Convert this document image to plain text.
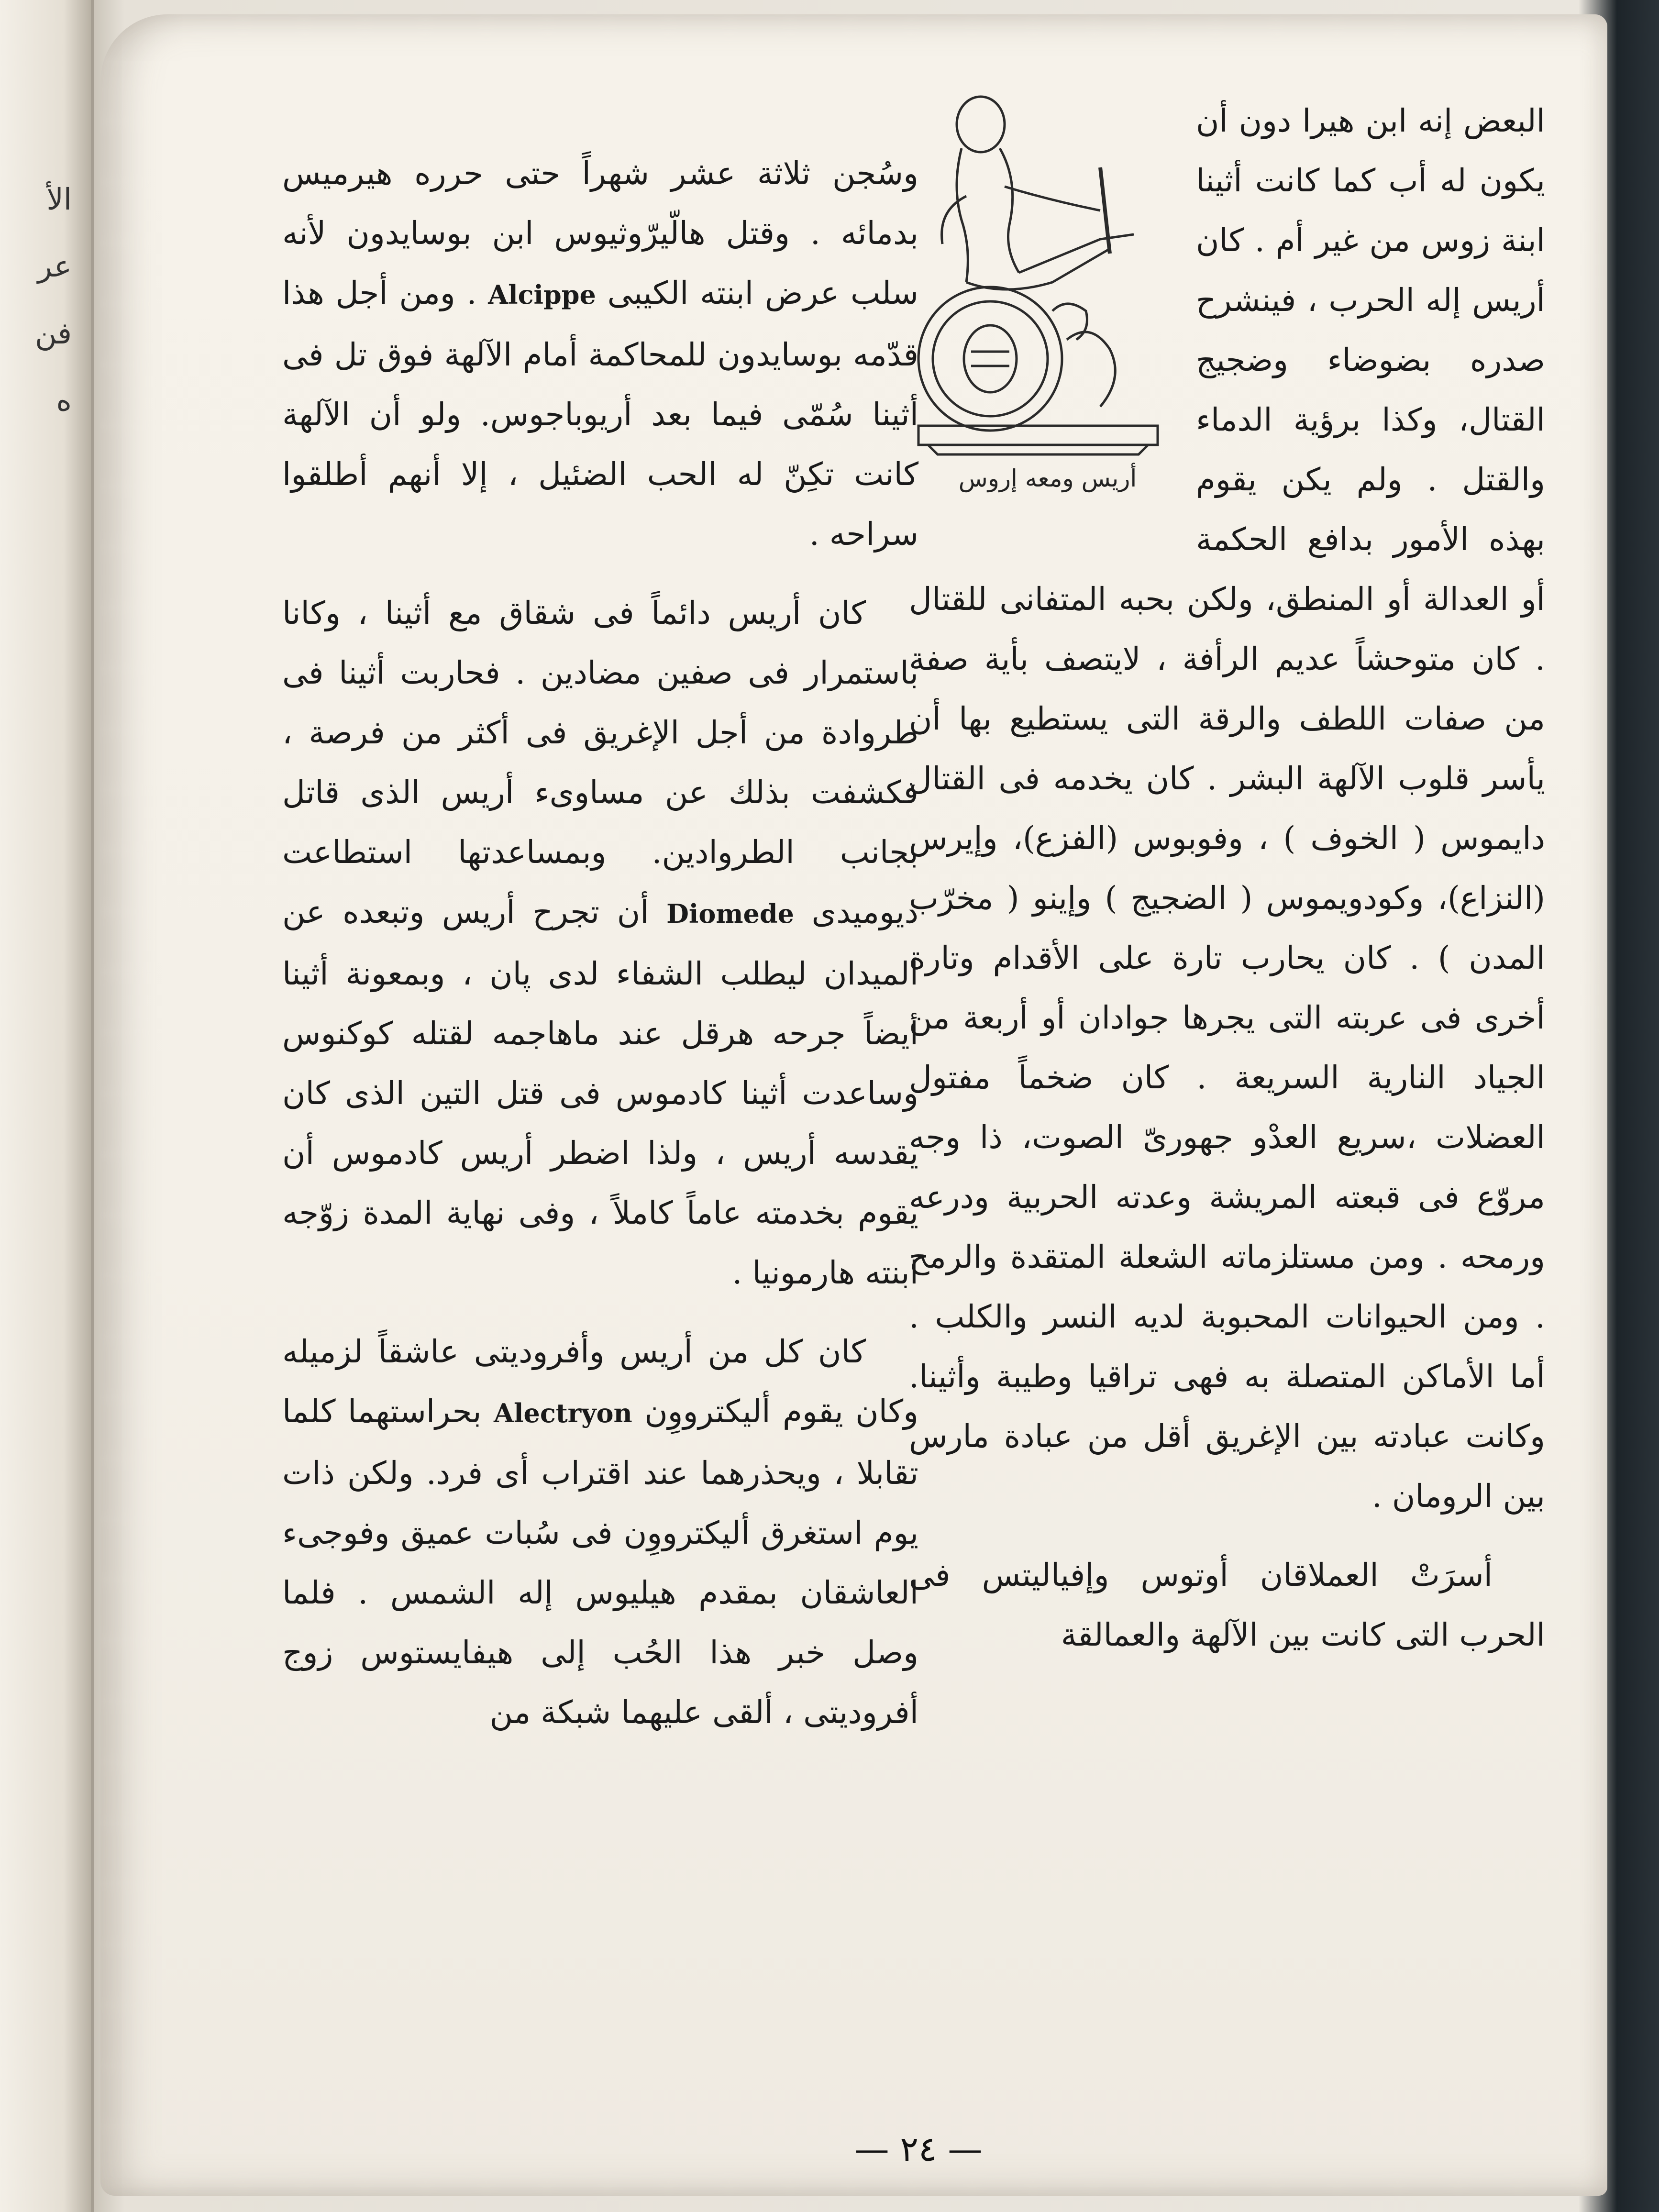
الأ
عر
فن
ه
أريس ومعه إروس

البعض إنه ابن هيرا دون أن يكون له أب كما كانت أثينا ابنة زوس من غير أم . كان أريس إله الحرب ، فينشرح صدره بضوضاء وضجيج القتال، وكذا برؤية الدماء والقتل . ولم يكن يقوم بهذه الأمور بدافع الحكمة أو العدالة أو المنطق، ولكن بحبه المتفانى للقتال . كان متوحشاً عديم الرأفة ، لايتصف بأية صفة من صفات اللطف والرقة التى يستطيع بها أن يأسر قلوب الآلهة البشر . كان يخدمه فى القتال دايموس ( الخوف ) ، وفوبوس (الفزع)، وإيرس (النزاع)، وكودويموس ( الضجيج ) وإينو ( مخرّب المدن ) . كان يحارب تارة على الأقدام وتارة أخرى فى عربته التى يجرها جوادان أو أربعة من الجياد النارية السريعة . كان ضخماً مفتول العضلات ،سريع العدْو جهورىّ الصوت، ذا وجه مروّع فى قبعته المريشة وعدته الحربية ودرعه ورمحه . ومن مستلزماته الشعلة المتقدة والرمح . ومن الحيوانات المحبوبة لديه النسر والكلب . أما الأماكن المتصلة به فهى تراقيا وطيبة وأثينا. وكانت عبادته بين الإغريق أقل من عبادة مارس بين الرومان .

أسرَتْ العملاقان أوتوس وإفياليتس فى الحرب التى كانت بين الآلهة والعمالقة

وسُجن ثلاثة عشر شهراً حتى حرره هيرميس بدمائه . وقتل هالّيرّوثيوس ابن بوسايدون لأنه سلب عرض ابنته الكيبى Alcippe . ومن أجل هذا قدّمه بوسايدون للمحاكمة أمام الآلهة فوق تل فى أثينا سُمّى فيما بعد أريوباجوس. ولو أن الآلهة كانت تكِنّ له الحب الضئيل ، إلا أنهم أطلقوا سراحه .

كان أريس دائماً فى شقاق مع أثينا ، وكانا باستمرار فى صفين مضادين . فحاربت أثينا فى طروادة من أجل الإغريق فى أكثر من فرصة ، فكشفت بذلك عن مساوىء أريس الذى قاتل بجانب الطروادين. وبمساعدتها استطاعت ديوميدى Diomede أن تجرح أريس وتبعده عن الميدان ليطلب الشفاء لدى پان ، وبمعونة أثينا أيضاً جرحه هرقل عند ماهاجمه لقتله كوكنوس وساعدت أثينا كادموس فى قتل التين الذى كان يقدسه أريس ، ولذا اضطر أريس كادموس أن يقوم بخدمته عاماً كاملاً ، وفى نهاية المدة زوّجه ابنته هارمونيا .

كان كل من أريس وأفروديتى عاشقاً لزميله وكان يقوم أليكترووِن Alectryon بحراستهما كلما تقابلا ، ويحذرهما عند اقتراب أى فرد. ولكن ذات يوم استغرق أليكترووِن فى سُبات عميق وفوجىء العاشقان بمقدم هيليوس إله الشمس . فلما وصل خبر هذا الحُب إلى هيفايستوس زوج أفروديتى ، ألقى عليهما شبكة من

— ٢٤ —
